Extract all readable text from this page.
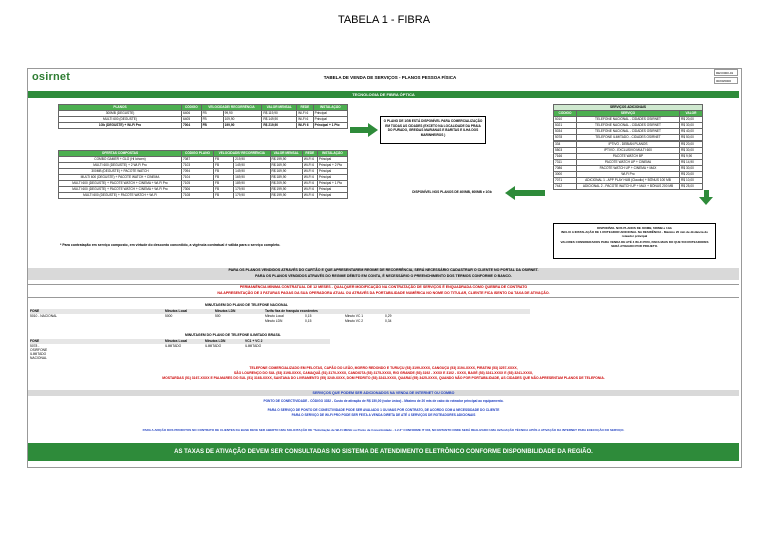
TABELA 1 - FIBRA
osirnet	TABELA DE VENDA DE SERVIÇOS - PLANOS PESSOA FÍSICA
REV0000-01
00/00/0000
TECNOLOGIA DE FIBRA ÓPTICA
PLANOS	CÓDIGO	VELOCIDADE/ RECORRÊNCIA		VALOR MENSAL	REDE	INSTALAÇÃO
300MB (DEGUSTE)	6406	FB	99,90	R$ 119,90	Wi-Fi 6	Principal
MULTI 600 (DEGUSTE)	6405	FB	109,90	R$ 149,90	Wi-Fi 6	Principal
1Gb (DEGUSTE) + Wi-Fi Pro	7004	FB	199,90	R$ 219,90	Wi-Fi 6	Principal + 1 Pto
OFERTAS COMPOSTAS	CÓDIGO PLANO	VELOCIDADE/ RECORRÊNCIA		VALOR MENSAL	REDE	INSTALAÇÃO
COMBO GAMER + GLO (Hi Ichoen)	7087	FB	219,90	R$ 199,90	Wi-Fi 6	Principal
MULTI 600 (DEGUSTE) + 2 Wi-Fi Pro	7103	FB	149,90	R$ 169,90	Wi-Fi 6	Principal + 2 Pto
300MB (DEGUSTE) + PACOTE WATCH	7094	FB	149,90	R$ 169,90	Wi-Fi 6	Principal
MULTI 600 (DEGUSTE) + PACOTE WATCH + CINEMA	7104	FB	169,90	R$ 189,90	Wi-Fi 6	Principal
MULTI 600 (DEGUSTE) + PACOTE WATCH + CINEMA + Wi-Fi Pro	7105	FB	189,90	R$ 209,90	Wi-Fi 6	Principal + 1 Pto
MULTI 600 (DEGUSTE) + PACOTE WATCH + CINEMA + Wi-Fi Pro	7306	FB	179,90	R$ 199,90	Wi-Fi 6	Principal
MULTI 600 (DEGUSTE) + PACOTE WATCH + Wi-Fi	7108	FB	179,90	R$ 199,90	Wi-Fi 6	Principal
O PLANO DE 1GB ESTÁ DISPONÍVEL PARA COMERCIALIZAÇÃO EM TODAS AS CIDADES (EXCETO NA LOCALIDADE DA PRAIA DO FURADO, GREIDAS MARIANAS E BARITAS E ILHA DOS MARINHEIROS )
DISPONÍVEL NOS PLANOS DE 400MB, 600MB e 1Gb
SERVIÇOS ADICIONAIS		
CÓDIGO	SERVIÇO	VALOR
5010	TELEFONE NACIONAL - CIDADES OSIRNET	R$ 20,00
5021	TELEFONE NACIONAL - CIDADES OSIRNET	R$ 30,00
5034	TELEFONE NACIONAL - CIDADES OSIRNET	R$ 40,00
5078	TELEFONE ILIMITADO - CIDADES OSIRNET	R$ 50,00
334	IPTIVO - DEBIAN PLANOS	R$ 20,00
5503	IPTIVO - EXCLUSIVO MULTI 600	R$ 30,00
7166	PACOTE WATCH BP	R$ 9,90
7311	PACOTE WATCH UP + CINEMA	R$ 14,90
7086	PACOTE WATCH UP + CINEMA + MAX	R$ 30,00
3000	Wi-Fi Pro	R$ 20,00
7071	ADICIONAL 1 - APP PLAY HUB (Claudio) + BÔNUS 100 MB	R$ 10,00
7442	ADICIONAL 2 - PACOTE WATCH UP + MAX + BÔNUS 200 MB	R$ 25,00
DISPONÍVEL NOS PLANOS DE 400MB, 600MB e 1Gb
INCLUI A INSTALAÇÃO DE 1 ROTEADOR ADICIONAL NA RESIDÊNCIA - Máximo 20 min de distância do roteador principal
VALORES CONSIDERADOS PARA VENDA DE ATÉ 4 Wi-Fi PRO, PARA MAIS DO QUE 500 ROTEADORES SERÁ ATIGIADO POR PROJETO.
* Para contratação em serviço composto, em virtude do desconto concedido, a vigência contratual é válida para o serviço completo.
PARA OS PLANOS VENDIDOS ATRAVÉS DO CARTÃO E QUE APRESENTAREM REGIME DE RECORRÊNCIA, SERÁ NECESSÁRIO CADASTRAR O CLIENTE NO PORTAL DA OSIRNET.
PARA OS PLANOS VENDIDOS ATRAVÉS DO REGIME DÉBITO EM CONTA, É NECESSÁRIO O PREENCHIMENTO DOS TERMOS CONFORME O BANCO.
PERMANÊNCIA MÍNIMA CONTRATUAL DE 12 MESES - QUALQUER MODIFICAÇÃO NA CONTRATAÇÃO DE SERVIÇOS É ENQUADRADA COMO QUEBRA DE CONTRATO
NA APRESENTAÇÃO DE 3 FATURAS PAGAS DA SUA OPERADORA ATUAL OU ATRAVÉS DA PORTABILIDADE NUMÉRICA NO NOME DO TITULAR, CLIENTE FICA ISENTO DA TAXA DE ATIVAÇÃO.
MINUTAGEM DO PLANO DE TELEFONE NACIONAL
FONE	Minutos Local	Minutos LDN	Tarifa fixa de franquia excedentes
5010 - NACIONAL	5000	500	Minuto Local	0,15	Minuto VC 1	0,29
Minuto LDN	0,15	Minuto VC 2	0,34
MINUTAGEM DO PLANO DE TELEFONE ILIMITADO BRASIL
FONE	Minutos Local	Minutos LDN	VC1 + VC 2
5078 - OSIRFONE ILIMITADO NACIONAL
ILIMITADO	ILIMITADO	ILIMITADO
TELEFONE COMERCIALIZADO EM PELOTAS, CAPÃO DO LEÃO, MORRO REDONDO E TURUÇU (53) 3199-XXXX, CANGUÇU (53) 3194-XXXX, PIRATINI (53) 3257-XXXX,
SÃO LOURENÇO DO SUL (53) 3198-XXXX, CAMAQUÃ (51) 3170-XXXX, CANDIOTA (53) 3175-XXXX, RIO GRANDE (53) 3192 - XXXX E 3102 - XXXX, BAGÉ (53) 3241-XXXX E (53) 3241-XXXX,
MOSTARDAS (51) 3167-XXXX E PALMARES DO SUL (51) 3168-XXXX, SANTANA DO LIVRAMENTO (55) 3249-XXXX, DOM PEDRITO (53) 3243-XXXX, QUARAÍ (55) 3425-XXXX, QUANDO NÃO FOR PORTABILIDADE, AS CIDADES QUE NÃO APRESENTAM PLANOS DE TELEFONIA.
SERVIÇOS QUE PODEM SER ADICIONADOS NA VENDA DE INTERNET OU COMBO
PONTO DE CONECTIVIDADE - CÓDIGO 3352 - Custo de ativação de R$ 150,00 (valor único) - Máximo de 20 mts de cabo do roteador principal ao equipamento.
PARA O SERVIÇO DE PONTO DE CONECTIVIDADE PODE SER AVALIADO 1 OU MAIS POR CONTRATO, DE ACORDO COM A NECESSIDADE DO CLIENTE
PARA O SERVIÇO DE Wi-Fi PRO PODE SER FEITA A VENDA DIRETA DE ATÉ 4 SERVIÇOS DE ROTEADORES ADICIONAIS
PARA A ADIÇÃO DOS PRODUTOS NO CONTRATO DE CLIENTES DA BASE DEVE SER ABERTO UMA SOLICITAÇÃO DE "Solicitação de Wi-Fi MESH ou Ponto de Conectividade - 1.2.3" CONFORME IT 003, NO ENTANTO ONDE SERÁ REALIZADO UMA AVALIAÇÃO TÉCNICA APÓS A ATIVAÇÃO DA INTERNET PARA EXECUÇÃO DO SERVIÇO.
AS TAXAS DE ATIVAÇÃO DEVEM SER CONSULTADAS NO SISTEMA DE ATENDIMENTO ELETRÔNICO CONFORME DISPONIBILIDADE DA REGIÃO.
